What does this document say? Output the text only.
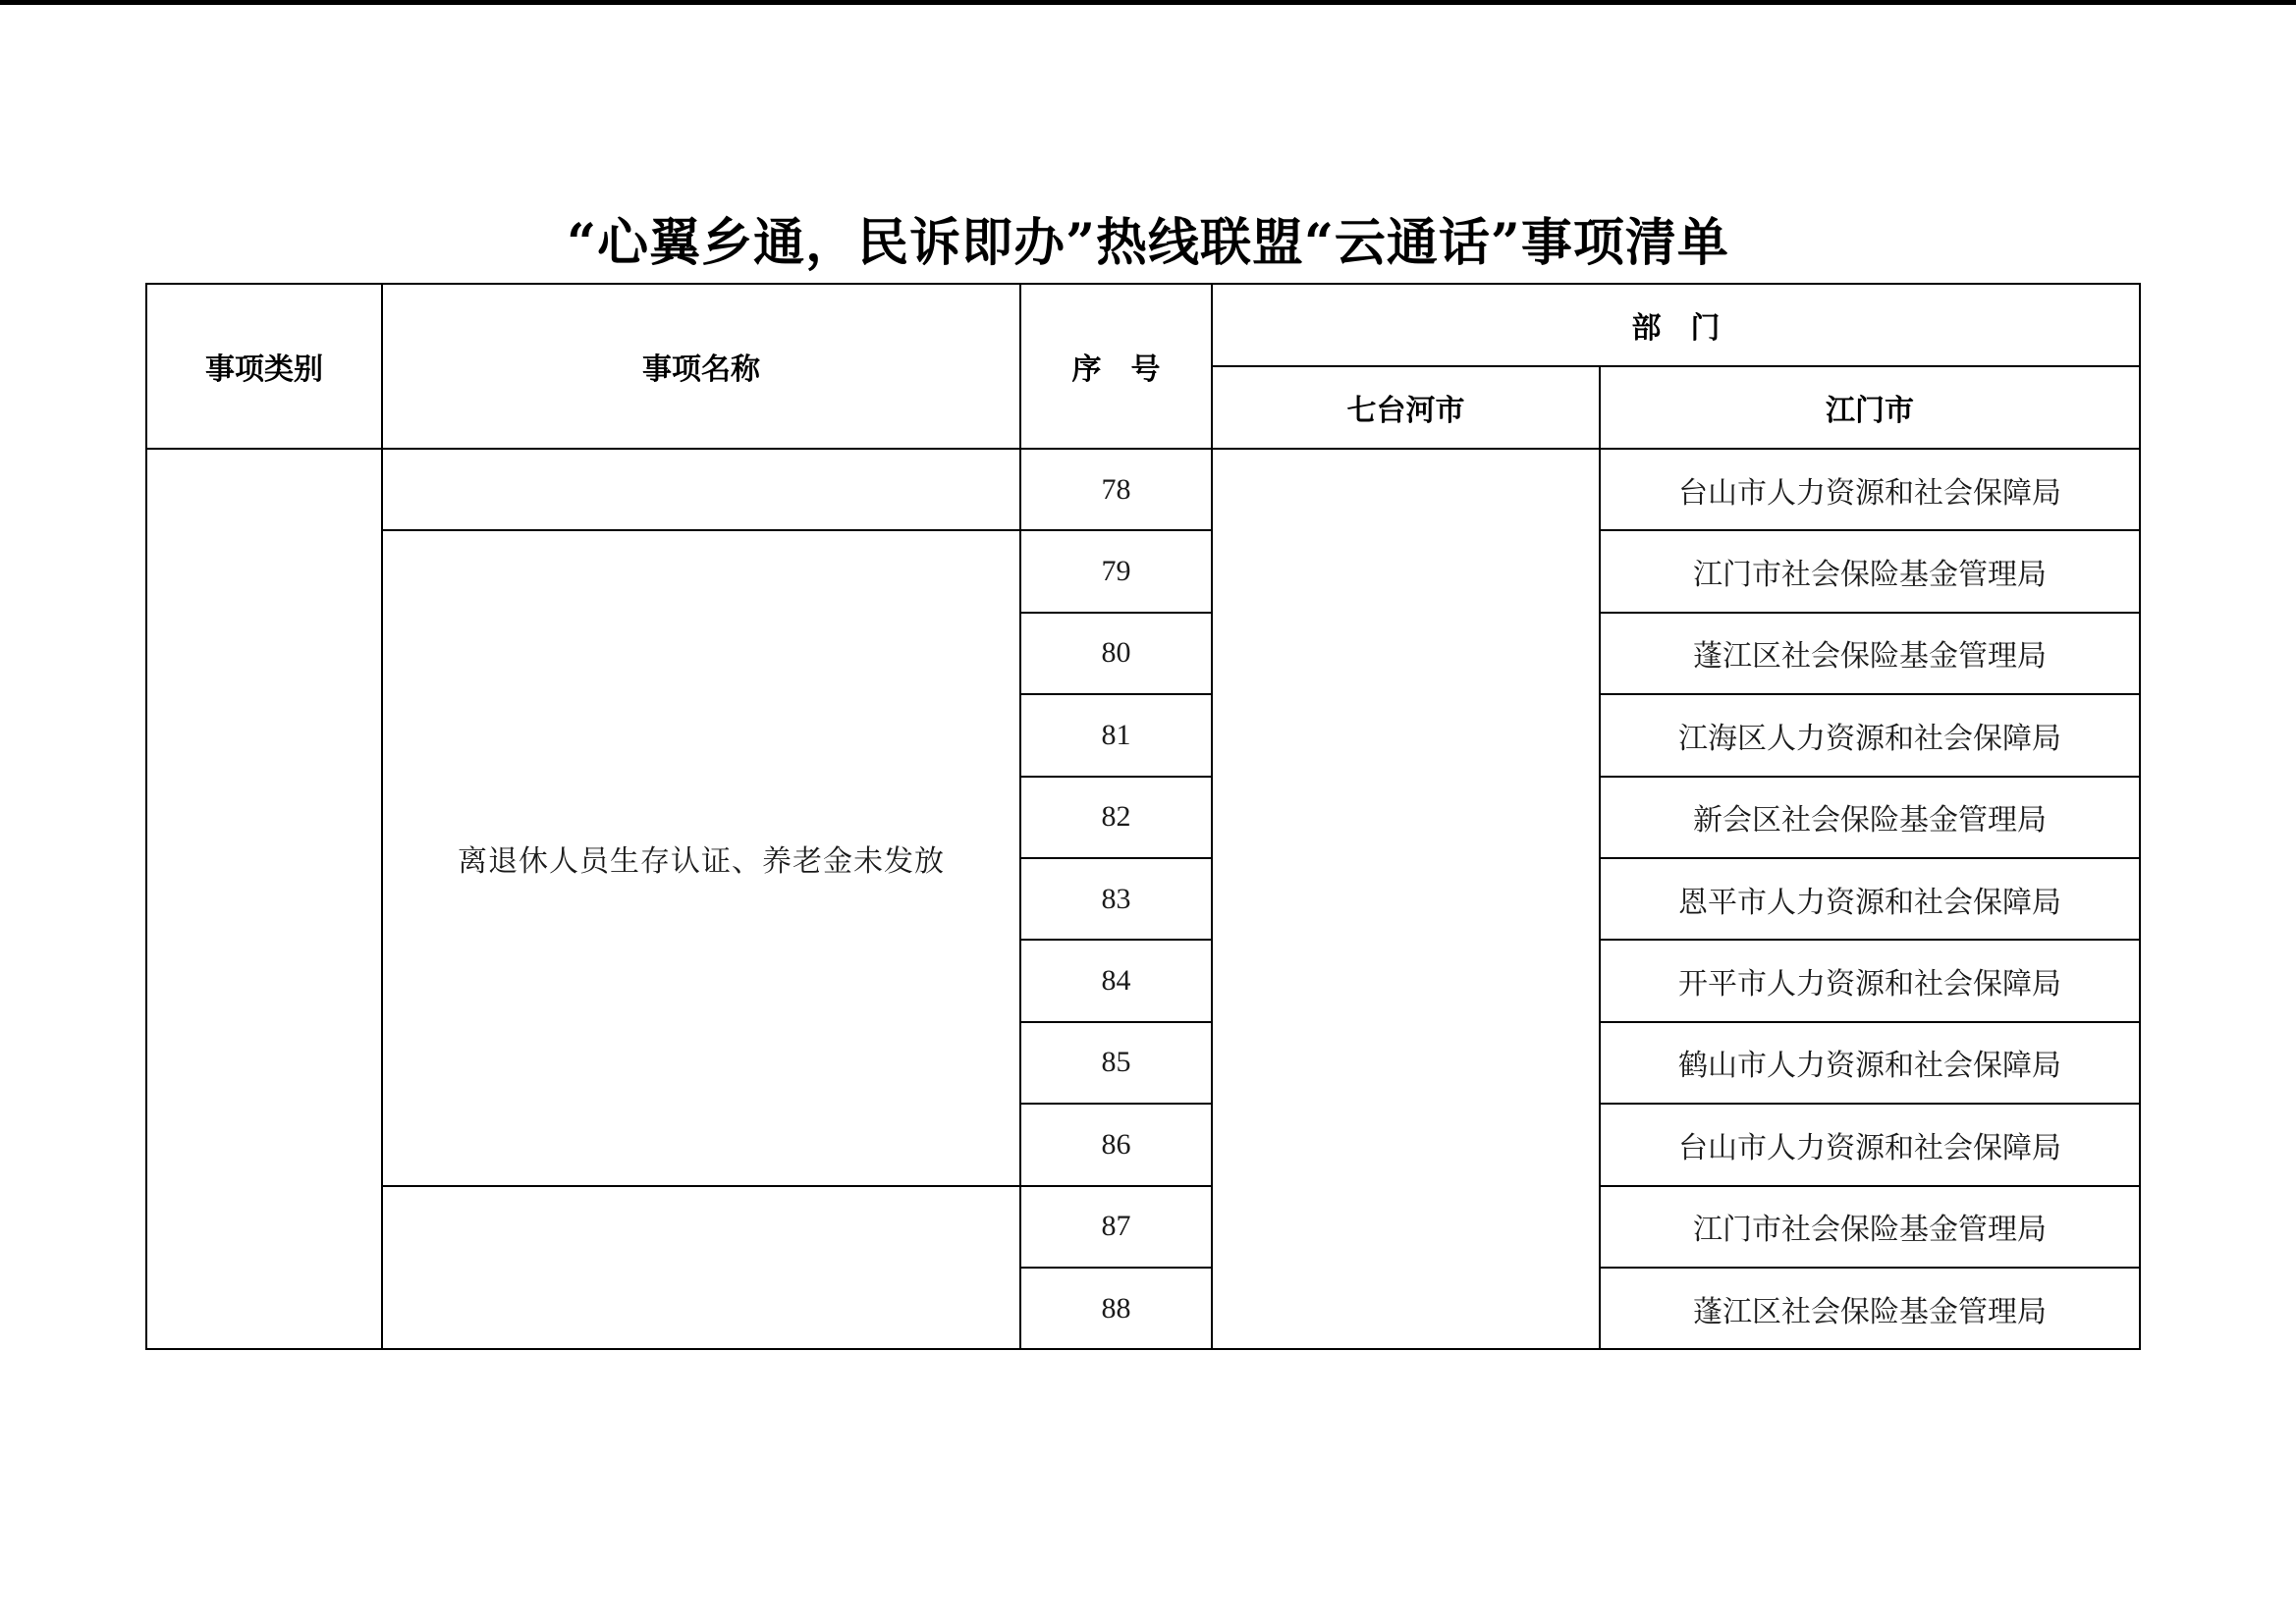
“心翼乡通，民诉即办”热线联盟“云通话”事项清单
事项类别	事项名称	序　号	部　门	
			七台河市	江门市
		78		台山市人力资源和社会保障局
	离退休人员生存认证、养老金未发放	79		江门市社会保险基金管理局
		80		蓬江区社会保险基金管理局
		81		江海区人力资源和社会保障局
		82		新会区社会保险基金管理局
		83		恩平市人力资源和社会保障局
		84		开平市人力资源和社会保障局
		85		鹤山市人力资源和社会保障局
		86		台山市人力资源和社会保障局
		87		江门市社会保险基金管理局
		88		蓬江区社会保险基金管理局
